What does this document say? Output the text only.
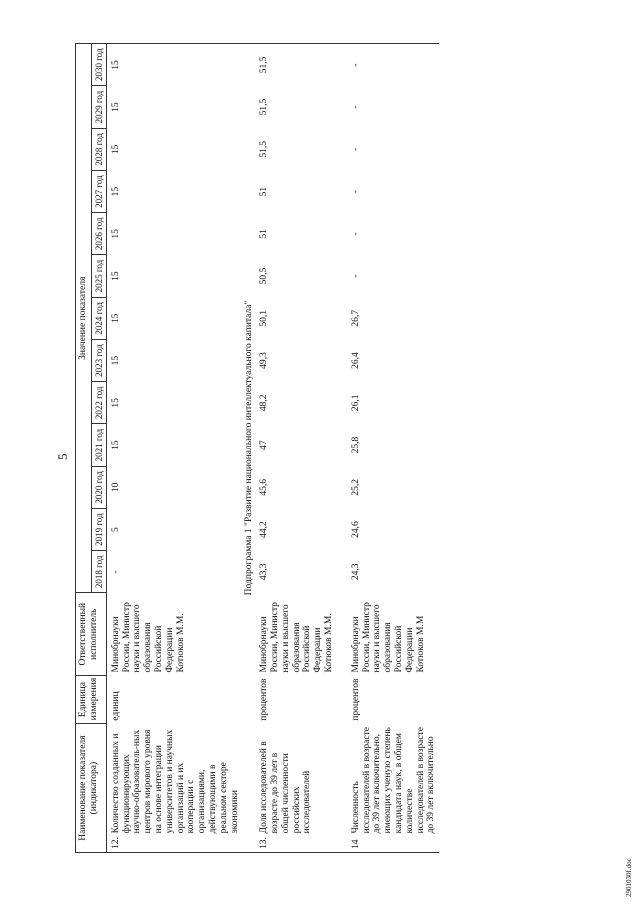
5
Наименование показателя (индикатора)		Единица измерения	Ответственный исполнитель	Значение показателя												
				2018 год	2019 год	2020 год	2021 год	2022 год	2023 год	2024 год	2025 год	2026 год	2027 год	2028 год	2029 год	2030 год
12.	Количество созданных и функционирующих научно-образователь-ных центров мирового уровня на основе интеграции университетов и научных организаций и их кооперации с организациями, действующими в реальном секторе экономики	единиц	Минобрнауки России, Министр науки и высшего образования Российской Федерации Котюков М.М.	-	5	10	15	15	15	15	15	15	15	15	15	15
Подпрограмма 1 "Развитие национального интеллектуального капитала"																
13.	Доля исследователей в возрасте до 39 лет в общей численности российских исследователей	процентов	Минобрнауки России, Министр науки и высшего образования Российской Федерации Котюков М.М.	43,3	44,2	45,6	47	48,2	49,3	50,1	50,5	51	51	51,5	51,5	51,5
14	Численность исследователей в возрасте до 39 лет включительно, имеющих ученую степень кандидата наук, в общем количестве исследователей в возрасте до 39 лет включительно	процентов	Минобрнауки России, Министр науки и высшего образования Российской Федерации Котюков М.М	24,3	24,6	25,2	25,8	26,1	26,4	26,7	-	-	-	-	-	-
2901030f.doc
